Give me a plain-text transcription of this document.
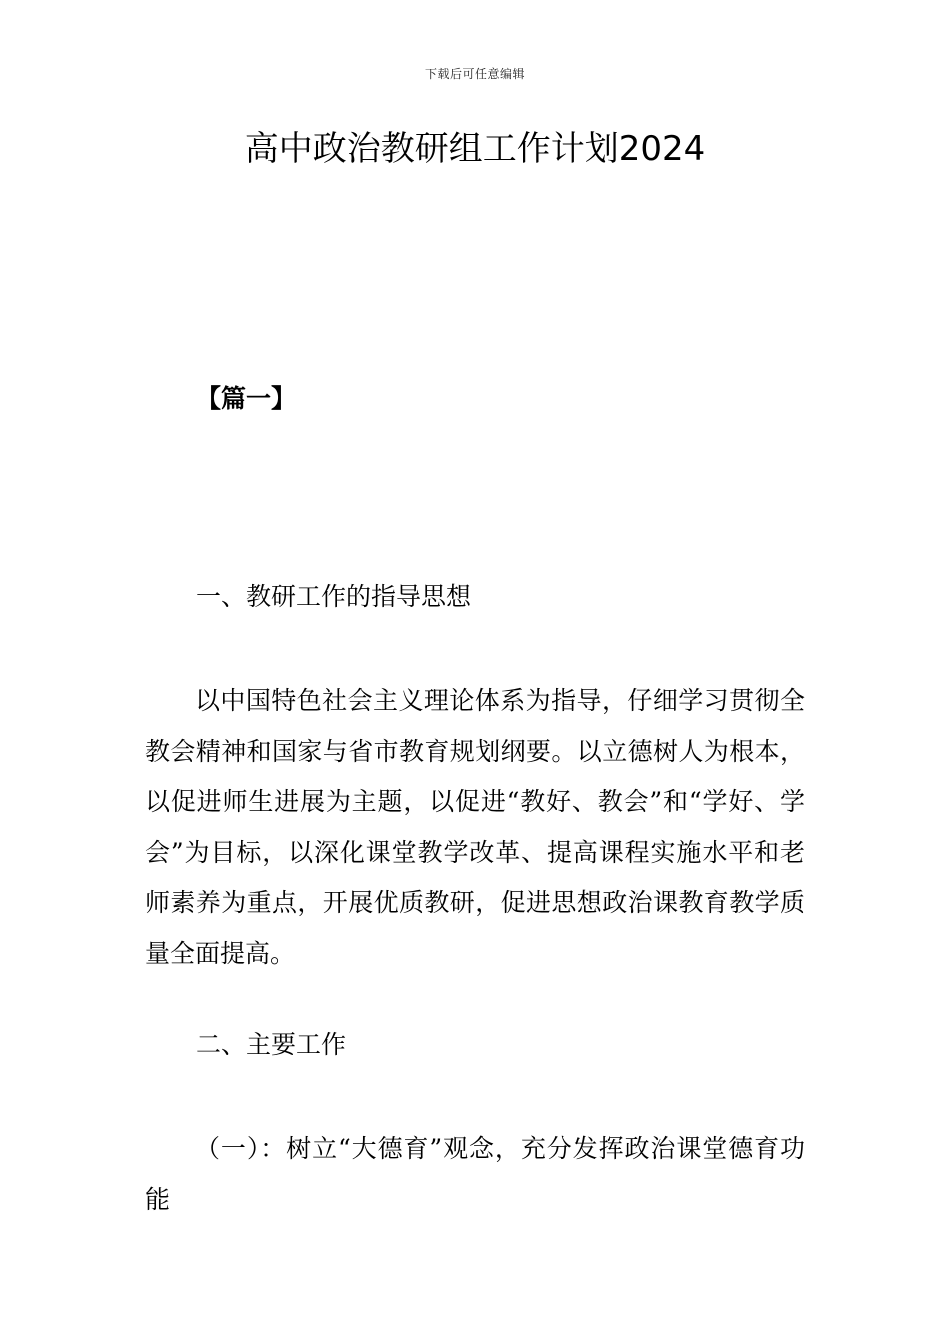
下载后可任意编辑
高中政治教研组工作计划2024
【篇一】
一、教研工作的指导思想

以中国特色社会主义理论体系为指导，仔细学习贯彻全教会精神和国家与省市教育规划纲要。以立德树人为根本，以促进师生进展为主题，以促进“教好、教会”和“学好、学会”为目标，以深化课堂教学改革、提高课程实施水平和老师素养为重点，开展优质教研，促进思想政治课教育教学质量全面提高。

二、主要工作

（一）：树立“大德育”观念，充分发挥政治课堂德育功能
